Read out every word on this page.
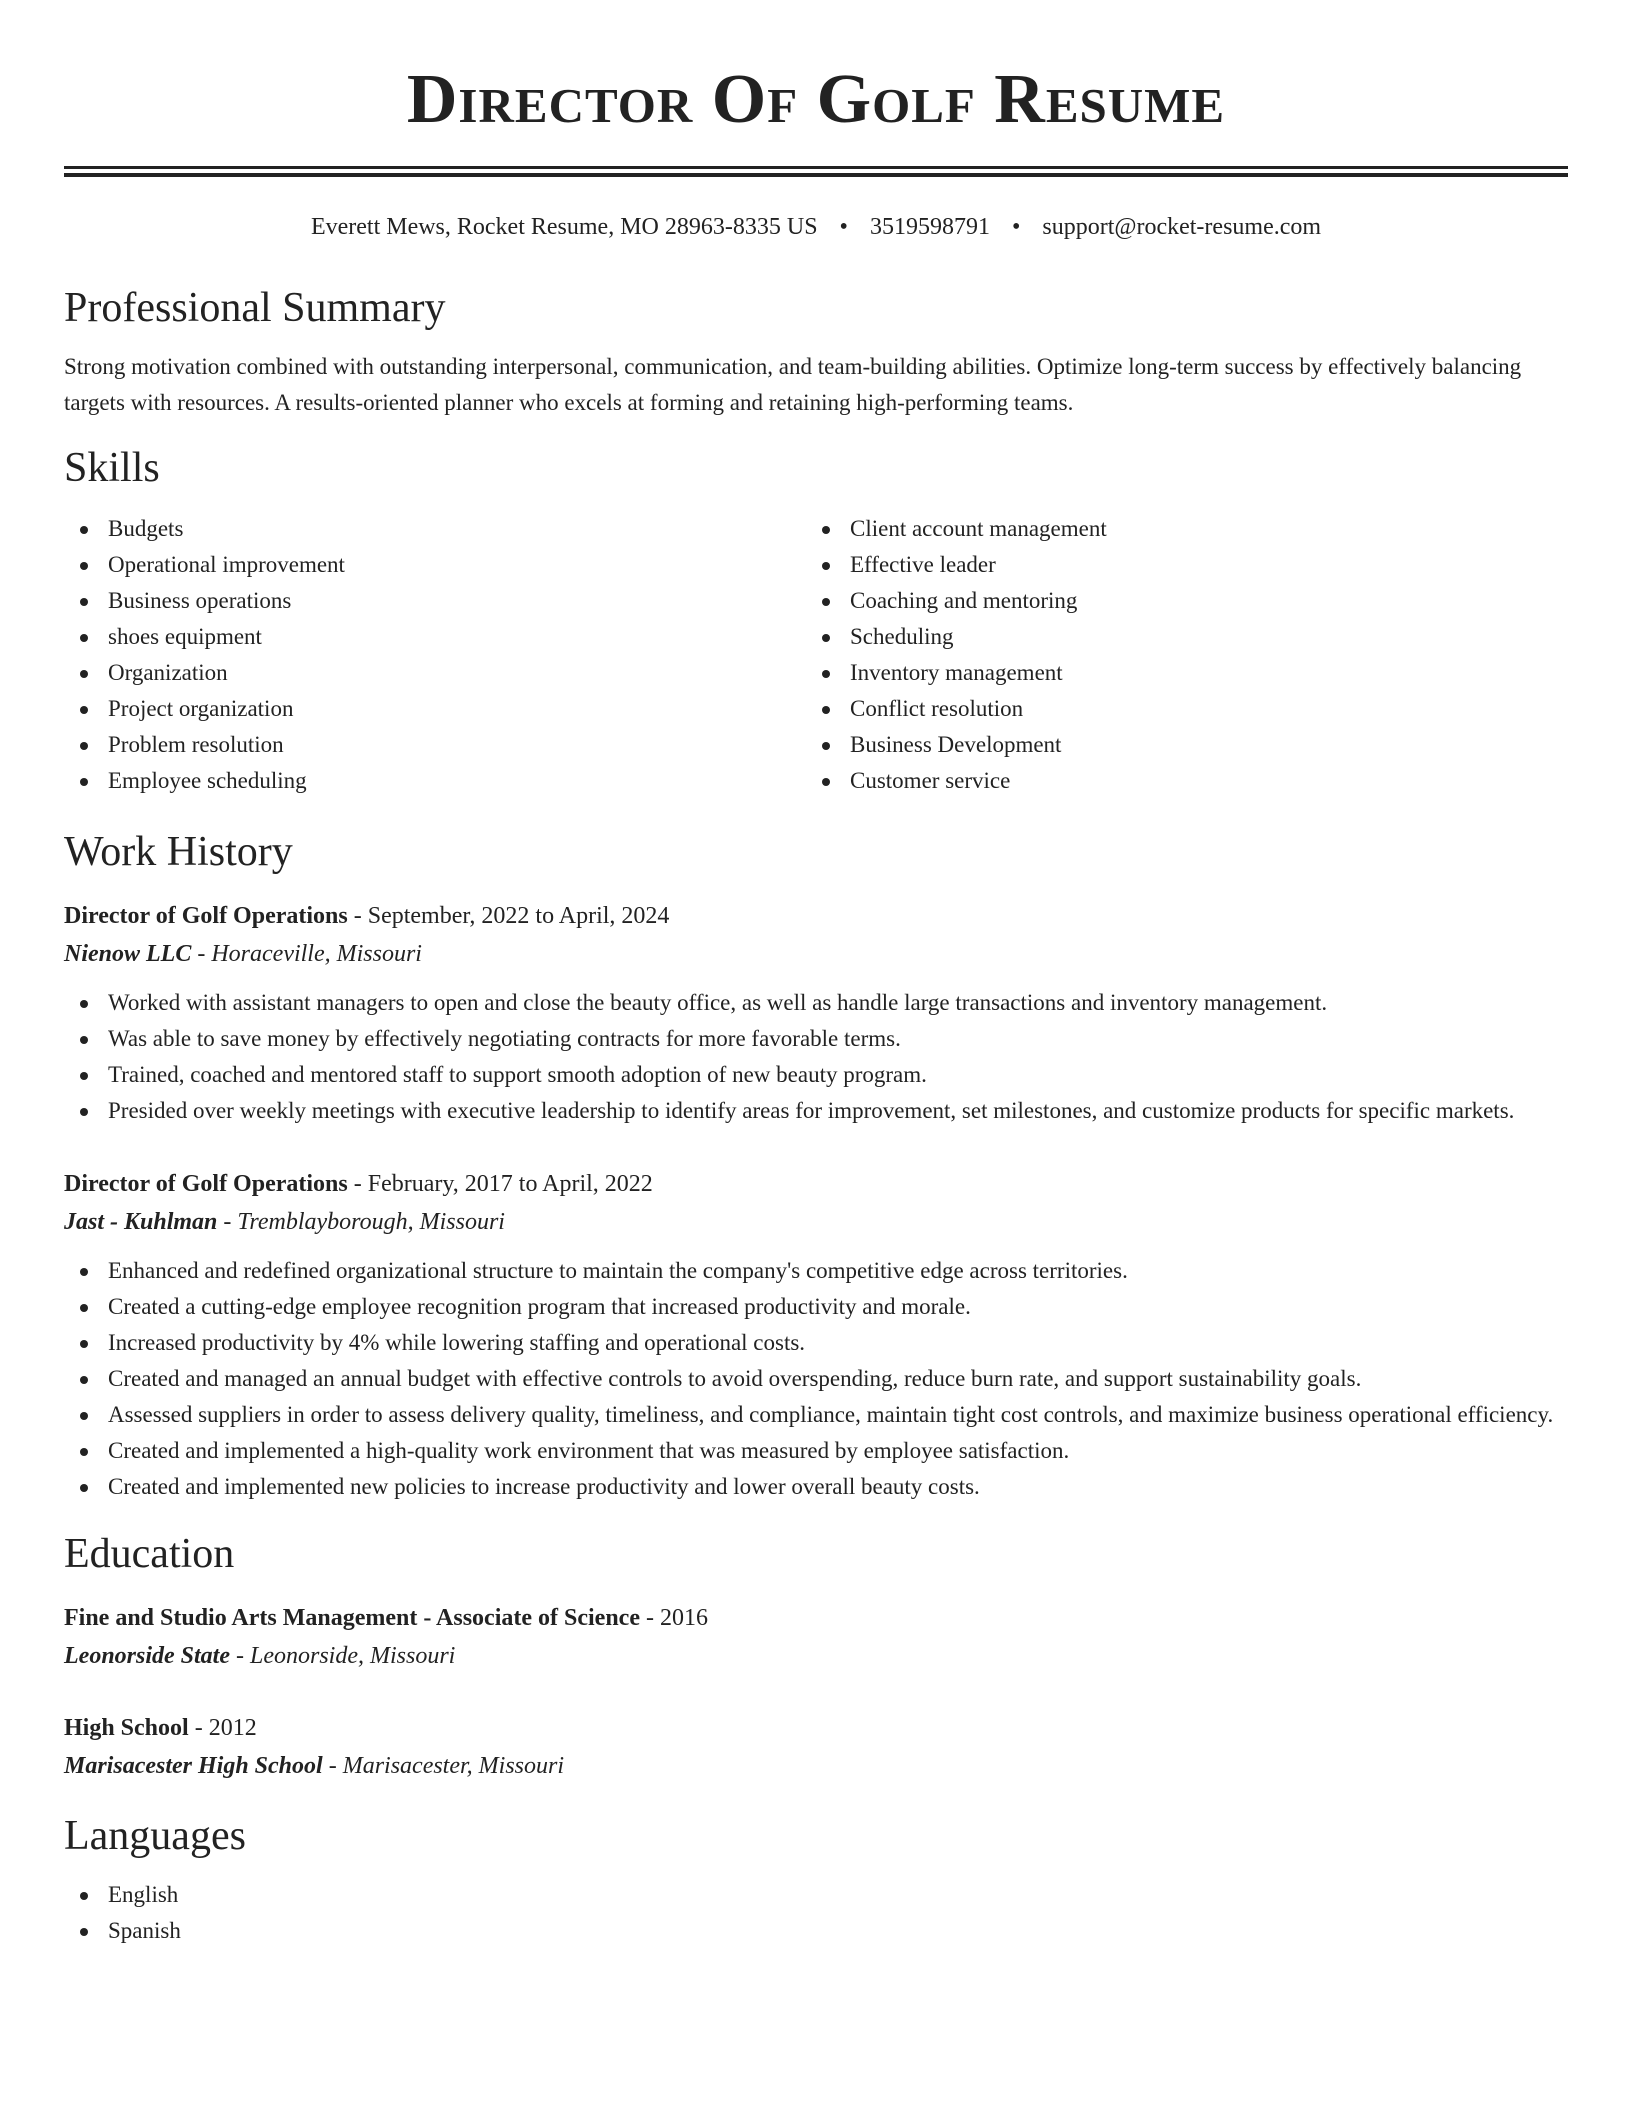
Director Of Golf Resume
Everett Mews, Rocket Resume, MO 28963-8335 US • 3519598791 • support@rocket-resume.com
Professional Summary
Strong motivation combined with outstanding interpersonal, communication, and team-building abilities. Optimize long-term success by effectively balancing targets with resources. A results-oriented planner who excels at forming and retaining high-performing teams.
Skills
Budgets
Operational improvement
Business operations
shoes equipment
Organization
Project organization
Problem resolution
Employee scheduling
Client account management
Effective leader
Coaching and mentoring
Scheduling
Inventory management
Conflict resolution
Business Development
Customer service
Work History
Director of Golf Operations - September, 2022 to April, 2024
Nienow LLC - Horaceville, Missouri
Worked with assistant managers to open and close the beauty office, as well as handle large transactions and inventory management.
Was able to save money by effectively negotiating contracts for more favorable terms.
Trained, coached and mentored staff to support smooth adoption of new beauty program.
Presided over weekly meetings with executive leadership to identify areas for improvement, set milestones, and customize products for specific markets.
Director of Golf Operations - February, 2017 to April, 2022
Jast - Kuhlman - Tremblayborough, Missouri
Enhanced and redefined organizational structure to maintain the company's competitive edge across territories.
Created a cutting-edge employee recognition program that increased productivity and morale.
Increased productivity by 4% while lowering staffing and operational costs.
Created and managed an annual budget with effective controls to avoid overspending, reduce burn rate, and support sustainability goals.
Assessed suppliers in order to assess delivery quality, timeliness, and compliance, maintain tight cost controls, and maximize business operational efficiency.
Created and implemented a high-quality work environment that was measured by employee satisfaction.
Created and implemented new policies to increase productivity and lower overall beauty costs.
Education
Fine and Studio Arts Management - Associate of Science - 2016
Leonorside State - Leonorside, Missouri
High School - 2012
Marisacester High School - Marisacester, Missouri
Languages
English
Spanish
